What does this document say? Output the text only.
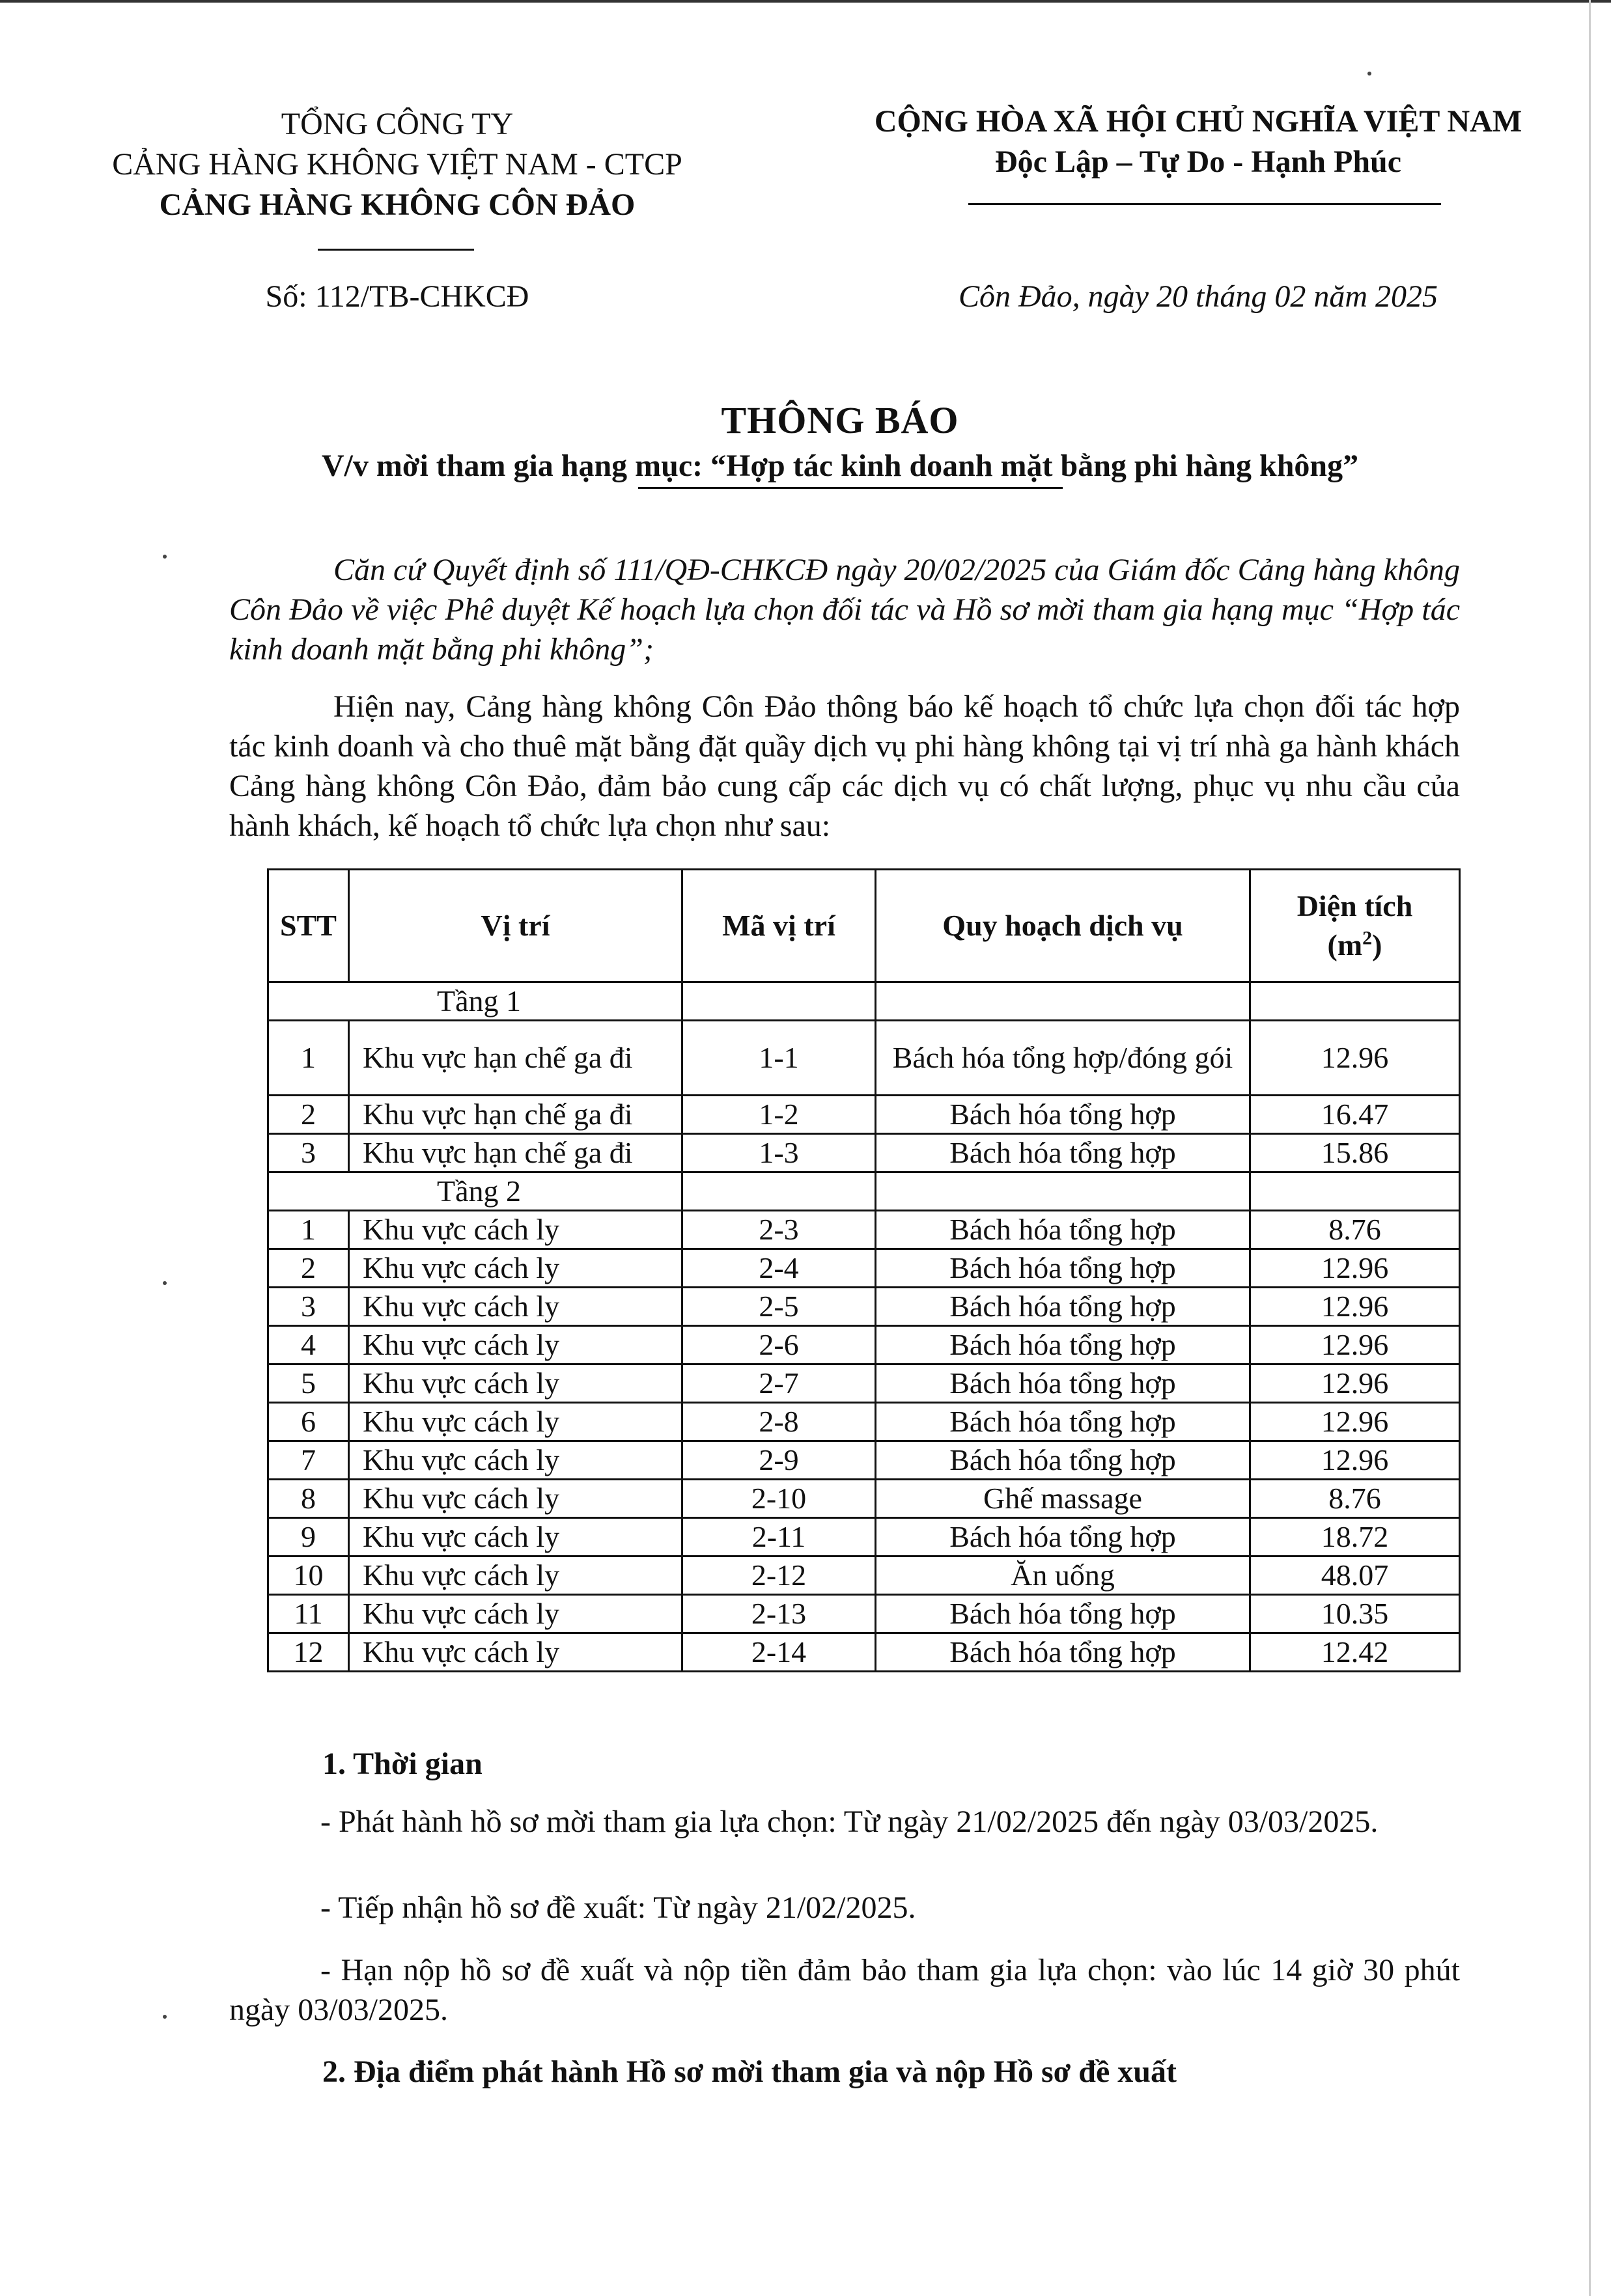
TỔNG CÔNG TY
CẢNG HÀNG KHÔNG VIỆT NAM - CTCP
CẢNG HÀNG KHÔNG CÔN ĐẢO
CỘNG HÒA XÃ HỘI CHỦ NGHĨA VIỆT NAM
Độc Lập – Tự Do - Hạnh Phúc
Số: 112/TB-CHKCĐ	Côn Đảo, ngày 20 tháng 02 năm 2025
THÔNG BÁO
V/v mời tham gia hạng mục: “Hợp tác kinh doanh mặt bằng phi hàng không”
Căn cứ Quyết định số 111/QĐ-CHKCĐ ngày 20/02/2025 của Giám đốc Cảng hàng không Côn Đảo về việc Phê duyệt Kế hoạch lựa chọn đối tác và Hồ sơ mời tham gia hạng mục “Hợp tác kinh doanh mặt bằng phi không”;
Hiện nay, Cảng hàng không Côn Đảo thông báo kế hoạch tổ chức lựa chọn đối tác hợp tác kinh doanh và cho thuê mặt bằng đặt quầy dịch vụ phi hàng không tại vị trí nhà ga hành khách Cảng hàng không Côn Đảo, đảm bảo cung cấp các dịch vụ có chất lượng, phục vụ nhu cầu của hành khách, kế hoạch tổ chức lựa chọn như sau:
STT	Vị trí	Mã vị trí	Quy hoạch dịch vụ	Diện tích
$(m^2)$
Tầng 1				
1	Khu vực hạn chế ga đi	1-1	Bách hóa tổng hợp/đóng gói	12.96
2	Khu vực hạn chế ga đi	1-2	Bách hóa tổng hợp	16.47
3	Khu vực hạn chế ga đi	1-3	Bách hóa tổng hợp	15.86
Tầng 2				
1	Khu vực cách ly	2-3	Bách hóa tổng hợp	8.76
2	Khu vực cách ly	2-4	Bách hóa tổng hợp	12.96
3	Khu vực cách ly	2-5	Bách hóa tổng hợp	12.96
4	Khu vực cách ly	2-6	Bách hóa tổng hợp	12.96
5	Khu vực cách ly	2-7	Bách hóa tổng hợp	12.96
6	Khu vực cách ly	2-8	Bách hóa tổng hợp	12.96
7	Khu vực cách ly	2-9	Bách hóa tổng hợp	12.96
8	Khu vực cách ly	2-10	Ghế massage	8.76
9	Khu vực cách ly	2-11	Bách hóa tổng hợp	18.72
10	Khu vực cách ly	2-12	Ăn uống	48.07
11	Khu vực cách ly	2-13	Bách hóa tổng hợp	10.35
12	Khu vực cách ly	2-14	Bách hóa tổng hợp	12.42
1. Thời gian
- Phát hành hồ sơ mời tham gia lựa chọn: Từ ngày 21/02/2025 đến ngày 03/03/2025.
- Tiếp nhận hồ sơ đề xuất: Từ ngày 21/02/2025.
- Hạn nộp hồ sơ đề xuất và nộp tiền đảm bảo tham gia lựa chọn: vào lúc 14 giờ 30 phút ngày 03/03/2025.
2. Địa điểm phát hành Hồ sơ mời tham gia và nộp Hồ sơ đề xuất
